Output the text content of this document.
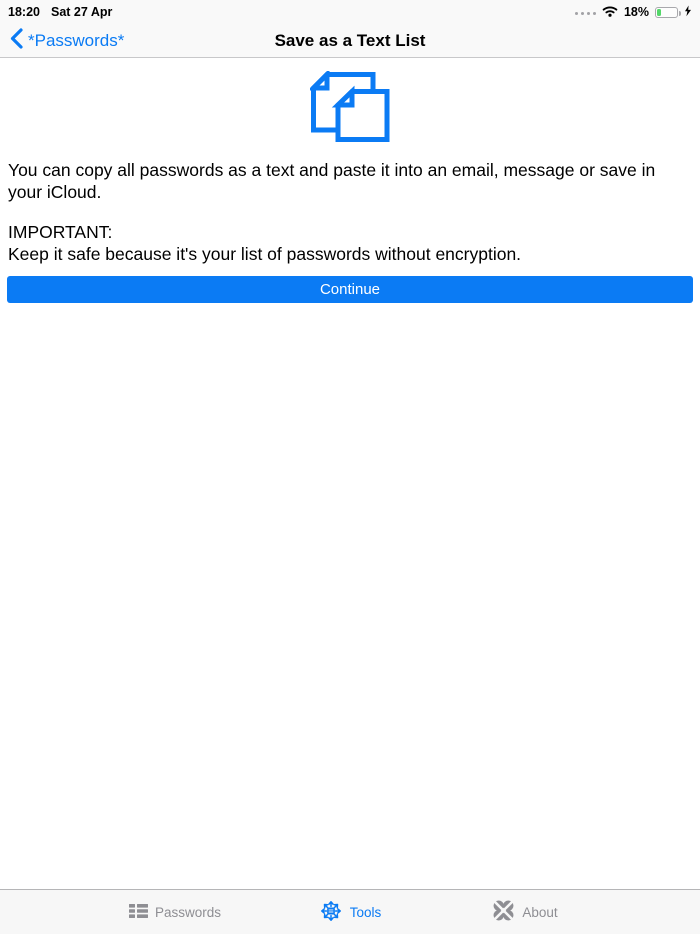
18:20 Sat 27 Apr	18%
*Passwords*	Save as a Text List

You can copy all passwords as a text and paste it into an email, message or save in your iCloud.

IMPORTANT:
Keep it safe because it's your list of passwords without encryption.
Continue
Passwords	Tools	About
